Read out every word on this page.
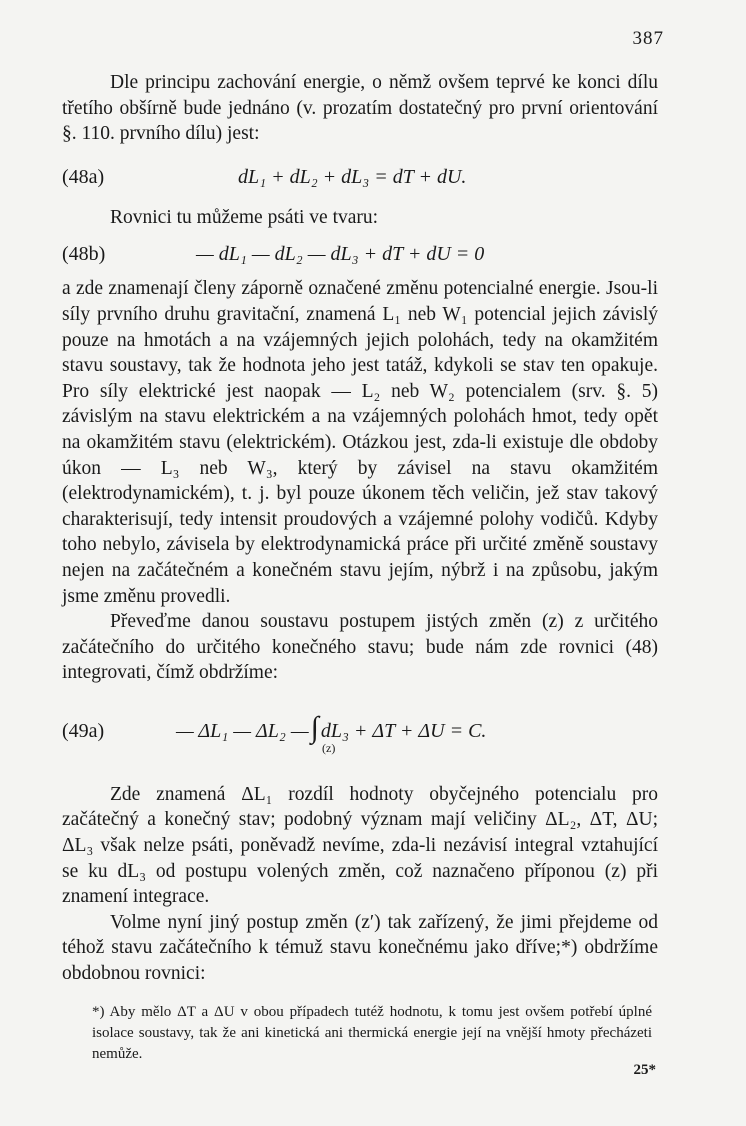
387

Dle principu zachování energie, o němž ovšem teprvé ke konci dílu třetího obšírně bude jednáno (v. prozatím dostatečný pro první orientování §. 110. prvního dílu) jest:

(48a)	dL₁ + dL₂ + dL₃ = dT + dU.

Rovnici tu můžeme psáti ve tvaru:

(48b)	— dL₁ — dL₂ — dL₃ + dT + dU = 0

a zde znamenají členy záporně označené změnu potencialné energie. Jsou-li síly prvního druhu gravitační, znamená L₁ neb W₁ potencial jejich závislý pouze na hmotách a na vzájemných jejich polohách, tedy na okamžitém stavu soustavy, tak že hodnota jeho jest tatáž, kdykoli se stav ten opakuje. Pro síly elektrické jest naopak — L₂ neb W₂ potencialem (srv. §. 5) závislým na stavu elektrickém a na vzájemných polohách hmot, tedy opět na okamžitém stavu (elektrickém). Otázkou jest, zda-li existuje dle obdoby úkon — L₃ neb W₃, který by závisel na stavu okamžitém (elektrodynamickém), t. j. byl pouze úkonem těch veličin, jež stav takový charakterisují, tedy intensit proudových a vzájemné polohy vodičů. Kdyby toho nebylo, závisela by elektrodynamická práce při určité změně soustavy nejen na začátečném a konečném stavu jejím, nýbrž i na způsobu, jakým jsme změnu provedli.

Převeďme danou soustavu postupem jistých změn (z) z určitého začátečního do určitého konečného stavu; bude nám zde rovnici (48) integrovati, čímž obdržíme:

(49a)	— ΔL₁ — ΔL₂ —∫ dL₃ + ΔT + ΔU = C.
(z)

Zde znamená ΔL₁ rozdíl hodnoty obyčejného potencialu pro začátečný a konečný stav; podobný význam mají veličiny ΔL₂, ΔT, ΔU; ΔL₃ však nelze psáti, poněvadž nevíme, zda-li nezávisí integral vztahující se ku dL₃ od postupu volených změn, což naznačeno příponou (z) při znamení integrace.

Volme nyní jiný postup změn (z′) tak zařízený, že jimi přejdeme od téhož stavu začátečního k témuž stavu konečnému jako dříve;*) obdržíme obdobnou rovnici:

*) Aby mělo ΔT a ΔU v obou případech tutéž hodnotu, k tomu jest ovšem potřebí úplné isolace soustavy, tak že ani kinetická ani thermická energie její na vnější hmoty přecházeti nemůže.
25*
